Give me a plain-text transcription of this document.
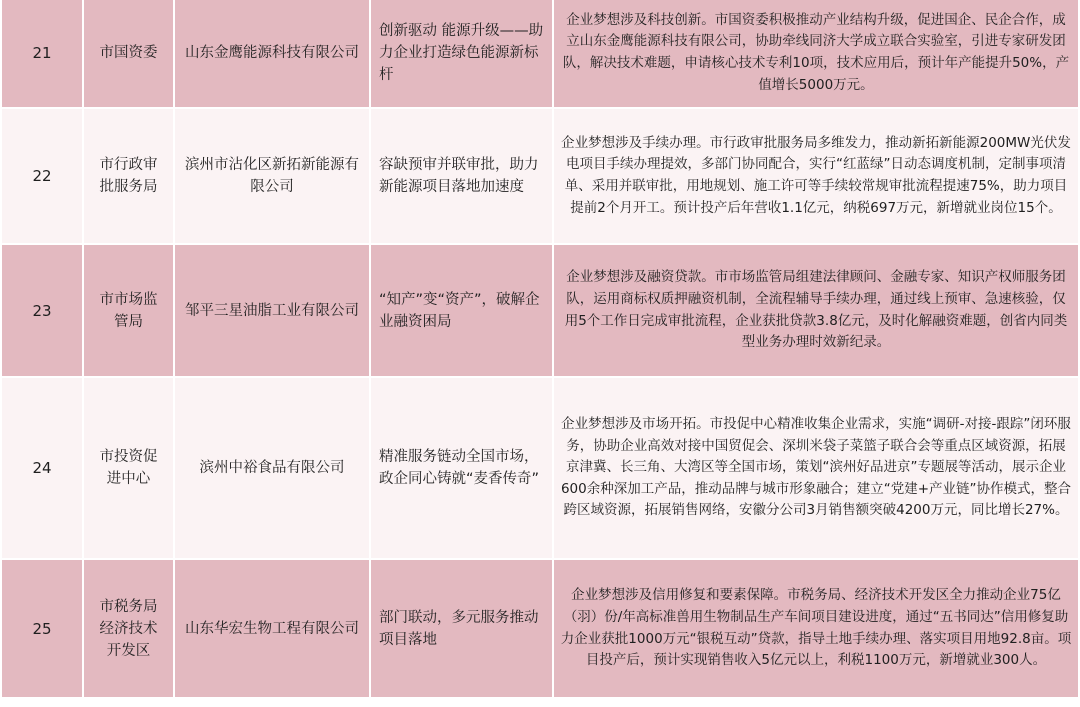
21	市国资委	山东金鹰能源科技有限公司	创新驱动 能源升级——助力企业打造绿色能源新标杆	企业梦想涉及科技创新。市国资委积极推动产业结构升级，促进国企、民企合作，成立山东金鹰能源科技有限公司，协助牵线同济大学成立联合实验室，引进专家研发团队，解决技术难题，申请核心技术专利10项，技术应用后，预计年产能提升50%，产值增长5000万元。
22	市行政审批服务局	滨州市沾化区新拓新能源有限公司	容缺预审并联审批，助力新能源项目落地加速度	企业梦想涉及手续办理。市行政审批服务局多维发力，推动新拓新能源200MW光伏发电项目手续办理提效，多部门协同配合，实行“红蓝绿”日动态调度机制，定制事项清单、采用并联审批，用地规划、施工许可等手续较常规审批流程提速75%，助力项目提前2个月开工。预计投产后年营收1.1亿元，纳税697万元，新增就业岗位15个。
23	市市场监管局	邹平三星油脂工业有限公司	“知产”变“资产”，破解企业融资困局	企业梦想涉及融资贷款。市市场监管局组建法律顾问、金融专家、知识产权师服务团队，运用商标权质押融资机制，全流程辅导手续办理，通过线上预审、急速核验，仅用5个工作日完成审批流程，企业获批贷款3.8亿元，及时化解融资难题，创省内同类型业务办理时效新纪录。
24	市投资促进中心	滨州中裕食品有限公司	精准服务链动全国市场，政企同心铸就“麦香传奇”	企业梦想涉及市场开拓。市投促中心精准收集企业需求，实施“调研-对接-跟踪”闭环服务，协助企业高效对接中国贸促会、深圳米袋子菜篮子联合会等重点区域资源，拓展京津冀、长三角、大湾区等全国市场，策划“滨州好品进京”专题展等活动，展示企业600余种深加工产品，推动品牌与城市形象融合；建立“党建+产业链”协作模式，整合跨区域资源，拓展销售网络，安徽分公司3月销售额突破4200万元，同比增长27%。
25	市税务局经济技术开发区	山东华宏生物工程有限公司	部门联动，多元服务推动项目落地	企业梦想涉及信用修复和要素保障。市税务局、经济技术开发区全力推动企业75亿（羽）份/年高标准兽用生物制品生产车间项目建设进度，通过“五书同达”信用修复助力企业获批1000万元“银税互动”贷款，指导土地手续办理、落实项目用地92.8亩。项目投产后，预计实现销售收入5亿元以上，利税1100万元，新增就业300人。
